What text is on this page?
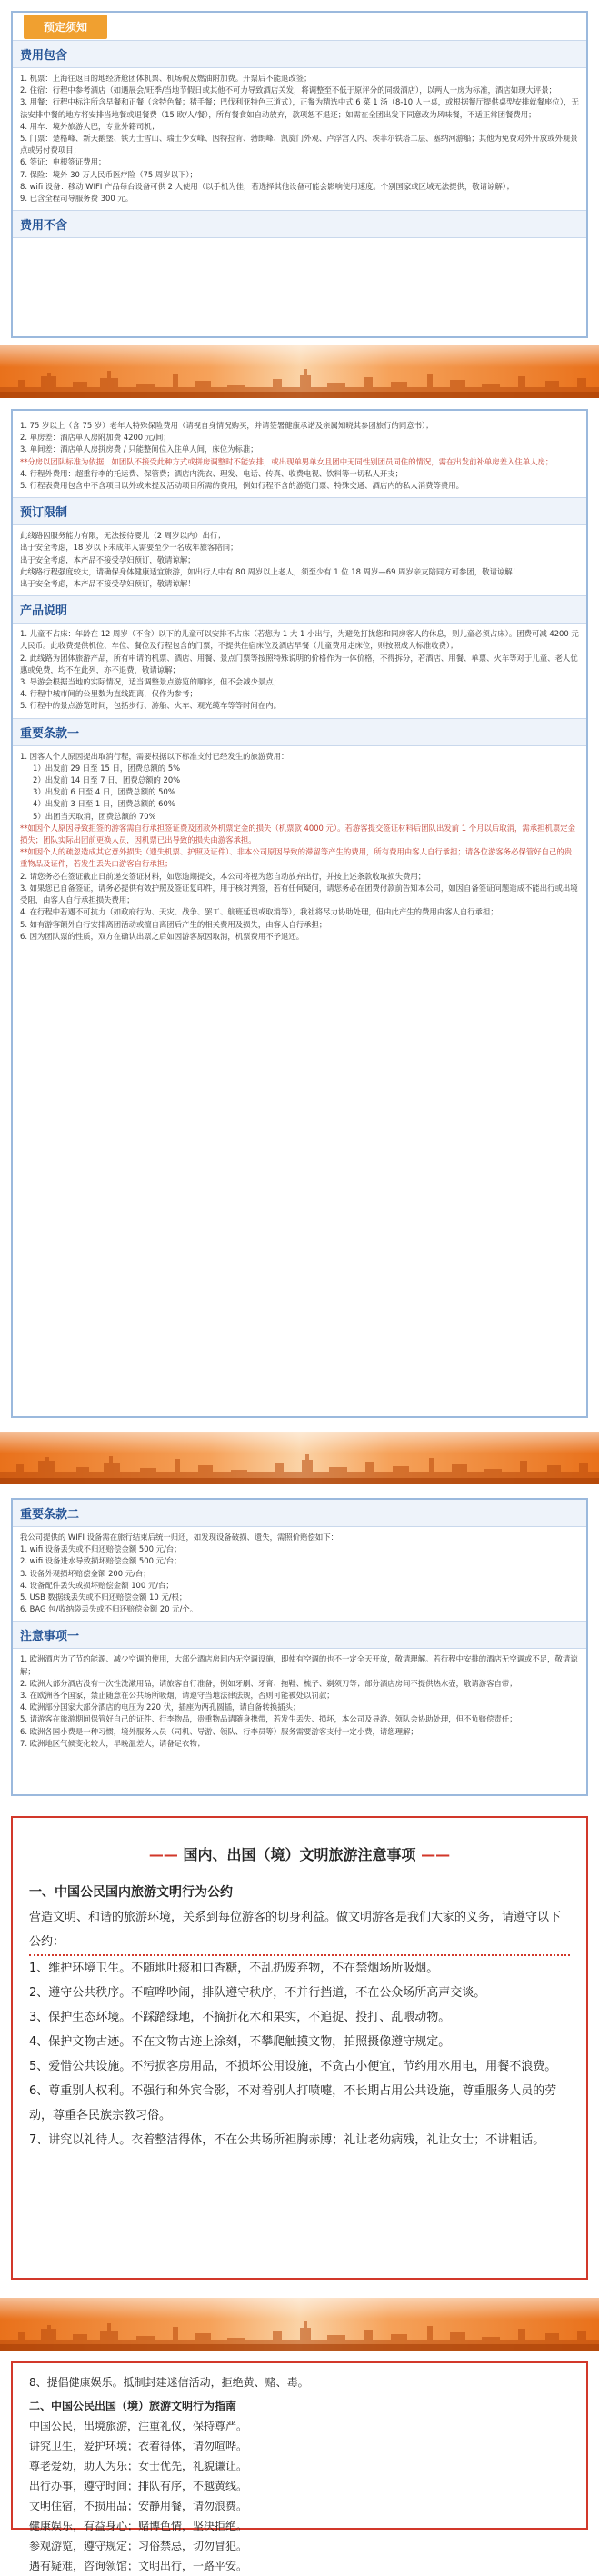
预定须知
费用包含

1. 机票：上海往返目的地经济舱团体机票、机场税及燃油附加费。开票后不能退改签；

2. 住宿：行程中参考酒店（如遇展会/旺季/当地节假日或其他不可力导致酒店关发，将调整至不低于原评分的同级酒店），以两人一房为标准，酒店如现大评景；

3. 用餐：行程中标注所含早餐和正餐（含特色餐；猪手餐；巴伐利亚特色三道式），正餐为精选中式 6 菜 1 汤（8-10 人一桌，或根据餐厅提供桌型安排就餐座位），无法安排中餐的地方将安排当地餐或退餐费（15 欧/人/餐），所有餐食如自动放弃，款项恕不退还；如需在全团出发下同意改为风味餐，不适正常团餐费用；

4. 用车：境外旅游大巴，专业外籍司机；

5. 门票：楚格峰、新天鹅堡、铁力士雪山、瑞士少女峰、因特拉肯、勃朗峰、凯旋门外观、卢浮宫入内、埃菲尔铁塔二层、塞纳河游船；其他为免费对外开放或外观景点或另付费项目；

6. 签证：申根签证费用；

7. 保险：境外 30 万人民币医疗险（75 周岁以下）；

8. wifi 设备：移动 WIFI 产品每台设备可供 2 人使用（以手机为佳，若选择其他设备可能会影响使用速度。个别国家或区域无法提供，敬请谅解）；

9. 已含全程司导服务费 300 元。

费用不含

1. 75 岁以上（含 75 岁）老年人特殊保险费用（请视自身情况购买，并请签署健康承诺及亲属知晓其参团旅行的同意书）；

2. 单房差：酒店单人房附加费 4200 元/间；

3. 单间差：酒店单人房拼房费 / 只能整间位入住单人间，床位为标准；

**分房以团队标准为依据，如团队不接受此种方式或拼房调整时不能安排，或出现单男单女且团中无同性别团员同住的情况，需在出发前补单房差入住单人房；

4. 行程外费用：超重行李的托运费、保管费；酒店内洗衣、理发、电话、传真、收费电视、饮料等一切私人开支；

5. 行程表费用包含中不含项目以外或未提及活动项目所需的费用，例如行程不含的游览门票、特殊交通、酒店内的私人消费等费用。

预订限制

此线路因服务能力有限，无法接待婴儿（2 周岁以内）出行；

出于安全考虑，18 岁以下未成年人需要至少一名成年旅客陪同；

出于安全考虑，本产品不接受孕妇预订，敬请谅解；

此线路行程强度较大，请确保身体健康适宜旅游，如出行人中有 80 周岁以上老人，须至少有 1 位 18 周岁—69 周岁亲友陪同方可参团，敬请谅解！

出于安全考虑，本产品不接受孕妇预订，敬请谅解！

产品说明

1. 儿童不占床：年龄在 12 周岁（不含）以下的儿童可以安排不占床（若您为 1 大 1 小出行，为避免打扰您和同房客人的休息，则儿童必须占床）。团费可减 4200 元人民币。此收费提供机位、车位、餐位及行程包含的门票，不提供住宿床位及酒店早餐（儿童费用走床位，则按照成人标准收费）；

2. 此线路为团体旅游产品，所有申请的机票、酒店、用餐、景点门票等按照特殊说明的价格作为一体价格，不得拆分，若酒店、用餐、单票、火车等对于儿童、老人优惠或免费，均不在此列，亦不退费，敬请谅解；

3. 导游会根据当地的实际情况，适当调整景点游览的顺序，但不会减少景点；

4. 行程中城市间的公里数为直线距离，仅作为参考；

5. 行程中的景点游览时间，包括步行、游船、火车、观光缆车等等时间在内。

重要条款一

1. 因客人个人原因提出取消行程，需要根据以下标准支付已经发生的旅游费用：

1）出发前 29 日至 15 日，团费总额的 5%

2）出发前 14 日至 7 日，团费总额的 20%

3）出发前 6 日至 4 日，团费总额的 50%

4）出发前 3 日至 1 日，团费总额的 60%

5）出团当天取消，团费总额的 70%

**如因个人原因导致拒签的游客需自行承担签证费及团款外机票定金的损失（机票款 4000 元）。若游客提交签证材料后团队出发前 1 个月以后取消，需承担机票定金损失；团队实际出团前更换人员，因机票已出导致的损失由游客承担。

**如因个人的疏忽造成其它意外损失（遗失机票、护照及证件）、非本公司原因导致的滞留等产生的费用，所有费用由客人自行承担；请各位游客务必保管好自己的贵重物品及证件，若发生丢失由游客自行承担；

2. 请您务必在签证截止日前递交签证材料，如您逾期提交，本公司将视为您自动放弃出行，并按上述条款收取损失费用；

3. 如果您已自备签证，请务必提供有效护照及签证复印件，用于核对判签，若有任何疑问，请您务必在团费付款前告知本公司，如因自备签证问题造成不能出行或出境受阻，由客人自行承担损失费用；

4. 在行程中若遇不可抗力（如政府行为、天灾、战争、罢工、航班延误或取消等），我社将尽力协助处理，但由此产生的费用由客人自行承担；

5. 如有游客额外自行安排离团活动或擅自离团后产生的相关费用及损失，由客人自行承担；

6. 因为团队票的性质，双方在确认出票之后如因游客原因取消，机票费用不予退还。

重要条款二

我公司提供的 WIFI 设备需在旅行结束后统一归还，如发现设备破损、遗失，需照价赔偿如下：

1. wifi 设备丢失或不归还赔偿金额 500 元/台；

2. wifi 设备进水导致损坏赔偿金额 500 元/台；

3. 设备外观损坏赔偿金额 200 元/台；

4. 设备配件丢失或损坏赔偿金额 100 元/台；

5. USB 数据线丢失或不归还赔偿金额 10 元/根；

6. BAG 包/收纳袋丢失或不归还赔偿金额 20 元/个。

注意事项一

1. 欧洲酒店为了节约能源、减少空调的使用，大部分酒店房间内无空调设施，即使有空调的也不一定全天开放，敬请理解。若行程中安排的酒店无空调或不足，敬请谅解；

2. 欧洲大部分酒店没有一次性洗漱用品，请旅客自行准备，例如牙刷、牙膏、拖鞋、梳子、剃须刀等；部分酒店房间不提供热水壶，敬请游客自带；

3. 在欧洲各个国家，禁止随意在公共场所吸烟，请遵守当地法律法规，否则可能被处以罚款；

4. 欧洲部分国家大部分酒店的电压为 220 伏，插座为两孔圆插，请自备转换插头；

5. 请游客在旅游期间保管好自己的证件、行李物品，贵重物品请随身携带，若发生丢失、损坏，本公司及导游、领队会协助处理，但不负赔偿责任；

6. 欧洲各国小费是一种习惯，境外服务人员（司机、导游、领队、行李员等）服务需要游客支付一定小费，请您理解；

7. 欧洲地区气候变化较大，早晚温差大，请备足衣物；

—— 国内、出国（境）文明旅游注意事项 ——

一、中国公民国内旅游文明行为公约

营造文明、和谐的旅游环境，关系到每位游客的切身利益。做文明游客是我们大家的义务，请遵守以下公约：

1、维护环境卫生。不随地吐痰和口香糖，不乱扔废弃物，不在禁烟场所吸烟。

2、遵守公共秩序。不喧哗吵闹，排队遵守秩序，不并行挡道，不在公众场所高声交谈。

3、保护生态环境。不踩踏绿地，不摘折花木和果实，不追捉、投打、乱喂动物。

4、保护文物古迹。不在文物古迹上涂刻，不攀爬触摸文物，拍照摄像遵守规定。

5、爱惜公共设施。不污损客房用品，不损坏公用设施，不贪占小便宜，节约用水用电，用餐不浪费。

6、尊重别人权利。不强行和外宾合影，不对着别人打喷嚏，不长期占用公共设施，尊重服务人员的劳动，尊重各民族宗教习俗。

7、讲究以礼待人。衣着整洁得体，不在公共场所袒胸赤膊；礼让老幼病残，礼让女士；不讲粗话。

8、提倡健康娱乐。抵制封建迷信活动，拒绝黄、赌、毒。

二、中国公民出国（境）旅游文明行为指南

中国公民，出境旅游，注重礼仪，保持尊严。

讲究卫生，爱护环境；衣着得体，请勿喧哗。

尊老爱幼，助人为乐；女士优先，礼貌谦让。

出行办事，遵守时间；排队有序，不越黄线。

文明住宿，不损用品；安静用餐，请勿浪费。

健康娱乐，有益身心；赌博色情，坚决拒绝。

参观游览，遵守规定；习俗禁忌，切勿冒犯。

遇有疑难，咨询领馆；文明出行，一路平安。
